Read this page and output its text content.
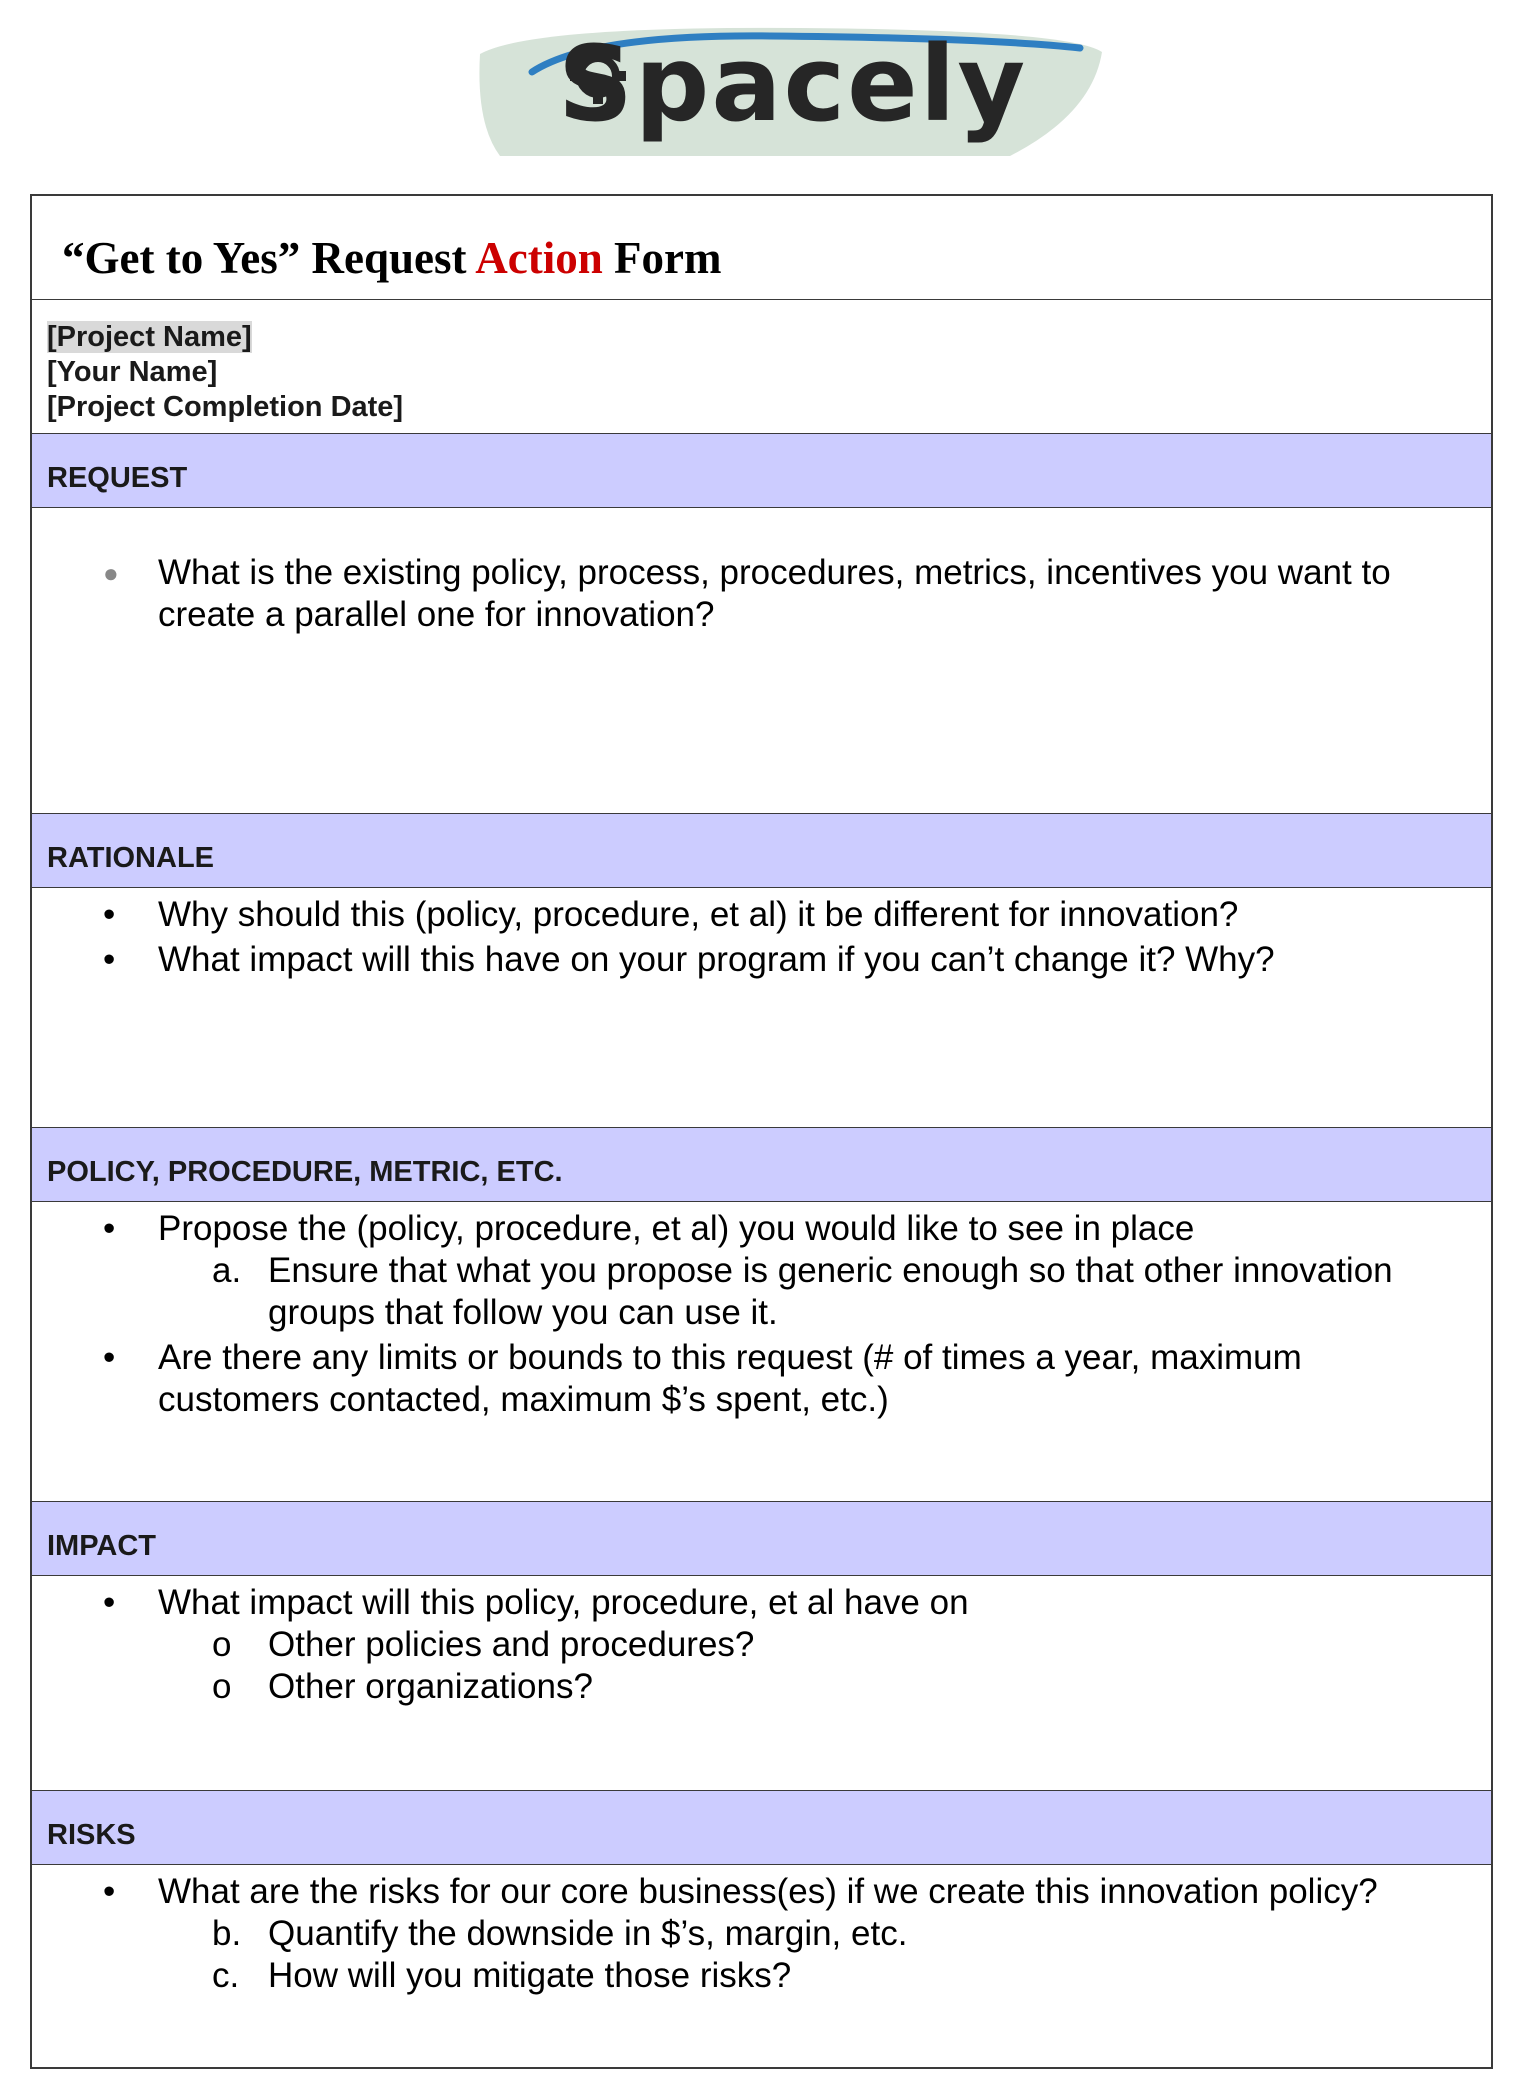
Spacely
“Get to Yes” Request Action Form
[Project Name]
[Your Name]
[Project Completion Date]
REQUEST
●	What is the existing policy, process, procedures, metrics, incentives you want to create a parallel one for innovation?
RATIONALE
•	Why should this (policy, procedure, et al) it be different for innovation?
•	What impact will this have on your program if you can’t change it? Why?
POLICY, PROCEDURE, METRIC, ETC.
•	Propose the (policy, procedure, et al) you would like to see in place
a. Ensure that what you propose is generic enough so that other innovation groups that follow you can use it.
•	Are there any limits or bounds to this request (# of times a year, maximum customers contacted, maximum $’s spent, etc.)
IMPACT
•	What impact will this policy, procedure, et al have on
o	Other policies and procedures?
o	Other organizations?
RISKS
•	What are the risks for our core business(es) if we create this innovation policy?
b. Quantify the downside in $’s, margin, etc.
c. How will you mitigate those risks?
